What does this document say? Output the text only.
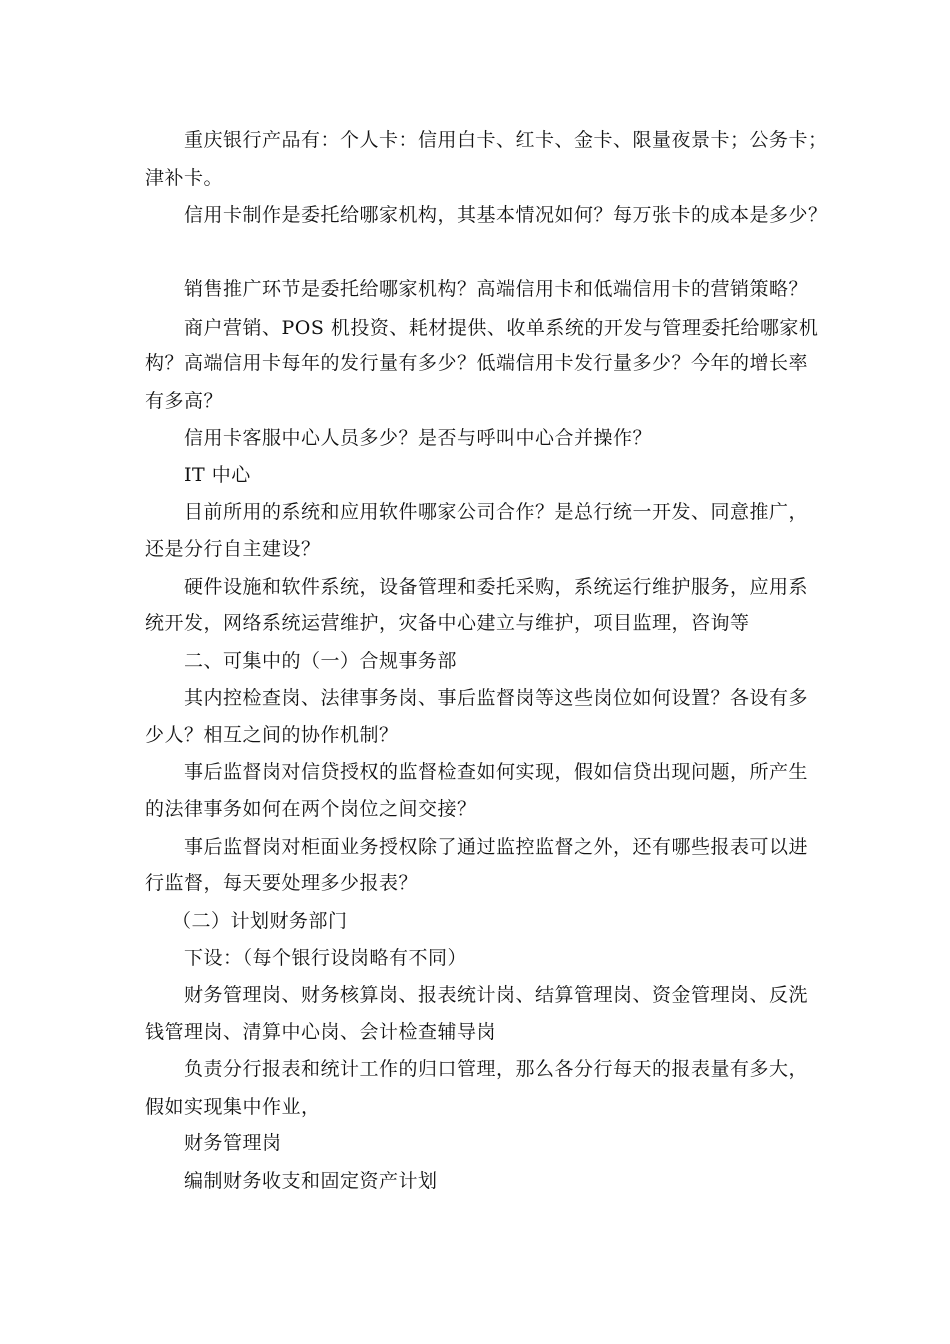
重庆银行产品有：个人卡：信用白卡、红卡、金卡、限量夜景卡；公务卡；
津补卡。
信用卡制作是委托给哪家机构，其基本情况如何？每万张卡的成本是多少？
销售推广环节是委托给哪家机构？高端信用卡和低端信用卡的营销策略？
商户营销、POS 机投资、耗材提供、收单系统的开发与管理委托给哪家机
构？高端信用卡每年的发行量有多少？低端信用卡发行量多少？今年的增长率
有多高？
信用卡客服中心人员多少？是否与呼叫中心合并操作？
IT 中心
目前所用的系统和应用软件哪家公司合作？是总行统一开发、同意推广，
还是分行自主建设？
硬件设施和软件系统，设备管理和委托采购，系统运行维护服务，应用系
统开发，网络系统运营维护，灾备中心建立与维护，项目监理，咨询等
二、可集中的（一）合规事务部
其内控检查岗、法律事务岗、事后监督岗等这些岗位如何设置？各设有多
少人？相互之间的协作机制？
事后监督岗对信贷授权的监督检查如何实现，假如信贷出现问题，所产生
的法律事务如何在两个岗位之间交接？
事后监督岗对柜面业务授权除了通过监控监督之外，还有哪些报表可以进
行监督，每天要处理多少报表？
（二）计划财务部门
下设：（每个银行设岗略有不同）
财务管理岗、财务核算岗、报表统计岗、结算管理岗、资金管理岗、反洗
钱管理岗、清算中心岗、会计检查辅导岗
负责分行报表和统计工作的归口管理，那么各分行每天的报表量有多大，
假如实现集中作业，
财务管理岗
编制财务收支和固定资产计划
